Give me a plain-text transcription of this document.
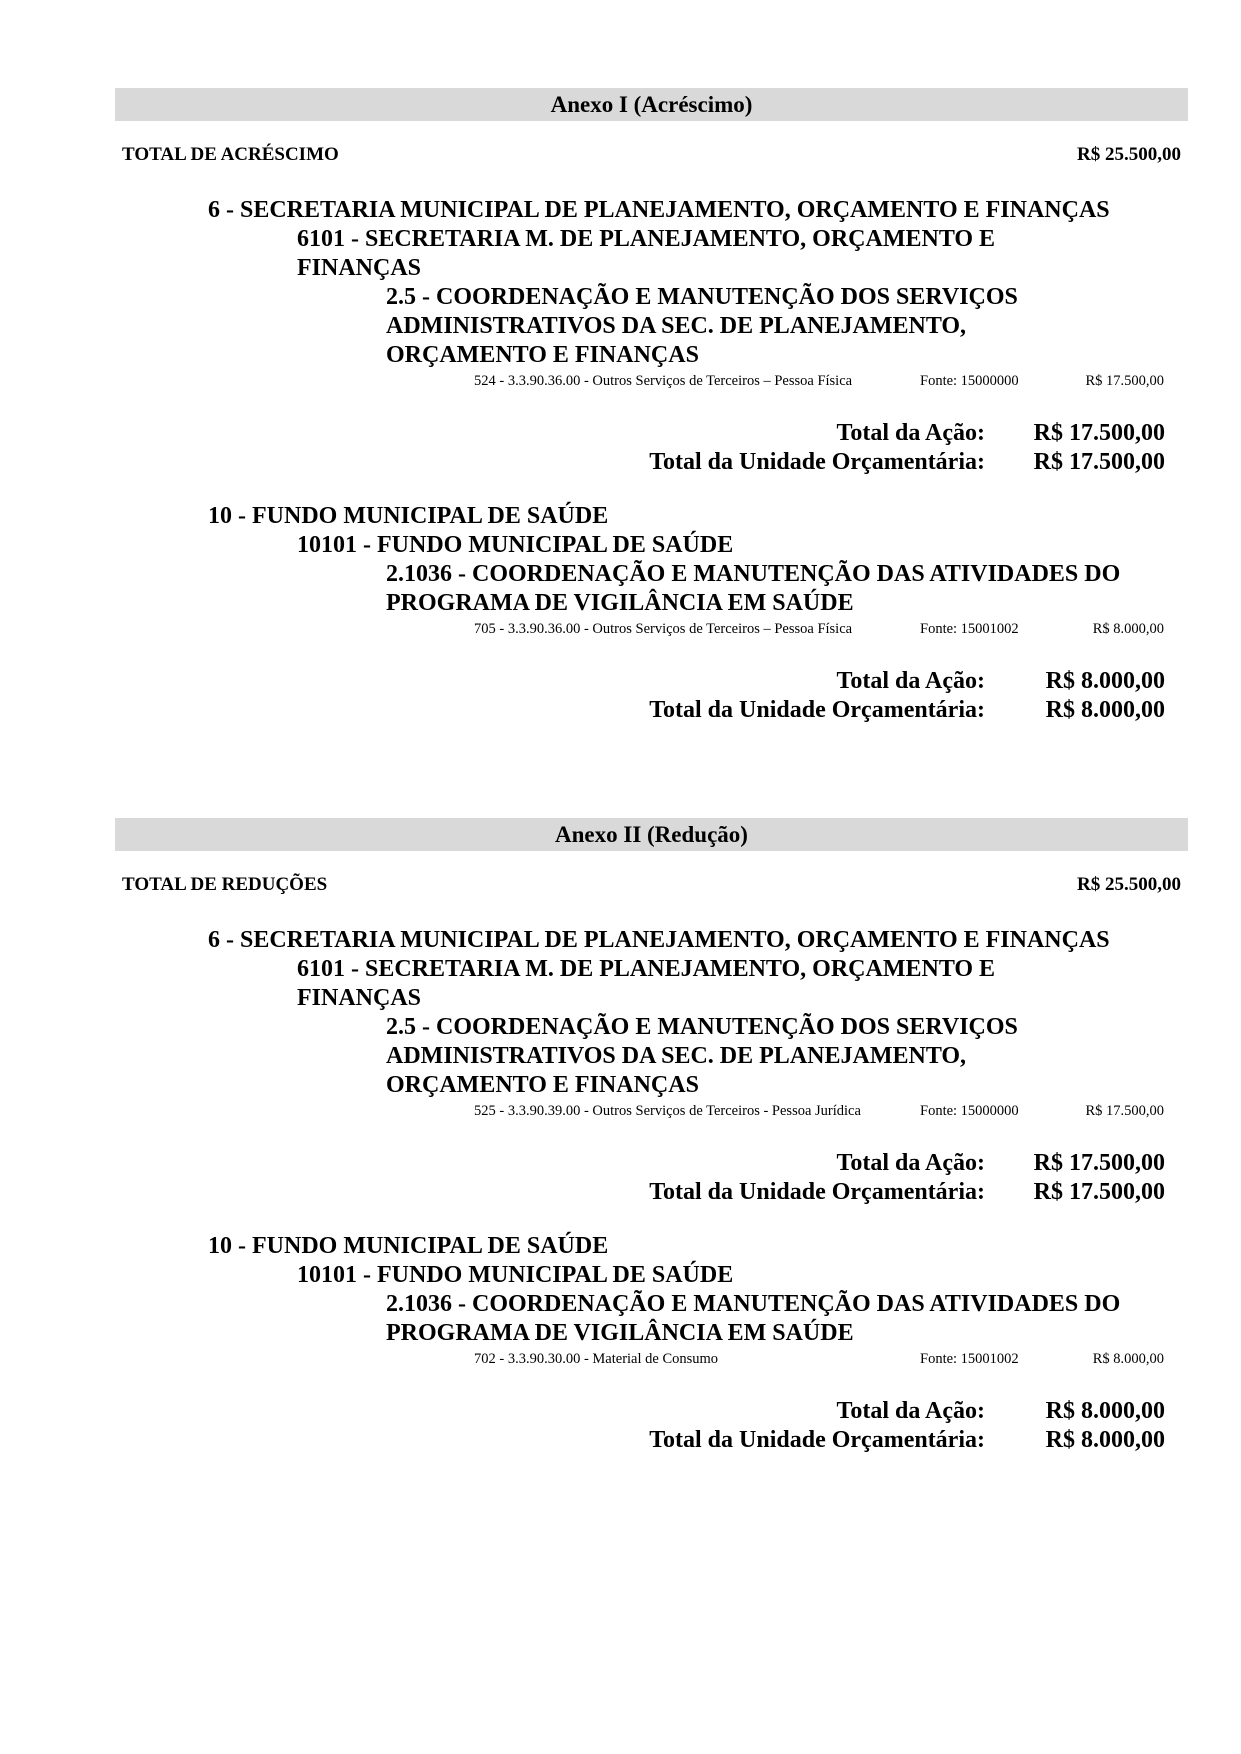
Anexo I (Acréscimo)
TOTAL DE ACRÉSCIMO	R$ 25.500,00
6 - SECRETARIA MUNICIPAL DE PLANEJAMENTO, ORÇAMENTO E FINANÇAS
6101 - SECRETARIA M. DE PLANEJAMENTO, ORÇAMENTO E FINANÇAS
2.5 - COORDENAÇÃO E MANUTENÇÃO DOS SERVIÇOS ADMINISTRATIVOS DA SEC. DE PLANEJAMENTO, ORÇAMENTO E FINANÇAS
524 - 3.3.90.36.00 - Outros Serviços de Terceiros – Pessoa Física	Fonte: 15000000	R$ 17.500,00
Total da Ação: R$ 17.500,00
Total da Unidade Orçamentária: R$ 17.500,00
10 - FUNDO MUNICIPAL DE SAÚDE
10101 - FUNDO MUNICIPAL DE SAÚDE
2.1036 - COORDENAÇÃO E MANUTENÇÃO DAS ATIVIDADES DO PROGRAMA DE VIGILÂNCIA EM SAÚDE
705 - 3.3.90.36.00 - Outros Serviços de Terceiros – Pessoa Física	Fonte: 15001002	R$ 8.000,00
Total da Ação:	R$ 8.000,00
Total da Unidade Orçamentária:	R$ 8.000,00
Anexo II (Redução)
TOTAL DE REDUÇÕES	R$ 25.500,00
6 - SECRETARIA MUNICIPAL DE PLANEJAMENTO, ORÇAMENTO E FINANÇAS
6101 - SECRETARIA M. DE PLANEJAMENTO, ORÇAMENTO E FINANÇAS
2.5 - COORDENAÇÃO E MANUTENÇÃO DOS SERVIÇOS ADMINISTRATIVOS DA SEC. DE PLANEJAMENTO, ORÇAMENTO E FINANÇAS
525 - 3.3.90.39.00 - Outros Serviços de Terceiros - Pessoa Jurídica	Fonte: 15000000	R$ 17.500,00
Total da Ação: R$ 17.500,00
Total da Unidade Orçamentária: R$ 17.500,00
10 - FUNDO MUNICIPAL DE SAÚDE
10101 - FUNDO MUNICIPAL DE SAÚDE
2.1036 - COORDENAÇÃO E MANUTENÇÃO DAS ATIVIDADES DO PROGRAMA DE VIGILÂNCIA EM SAÚDE
702 - 3.3.90.30.00 - Material de Consumo	Fonte: 15001002	R$ 8.000,00
Total da Ação:	R$ 8.000,00
Total da Unidade Orçamentária:	R$ 8.000,00
